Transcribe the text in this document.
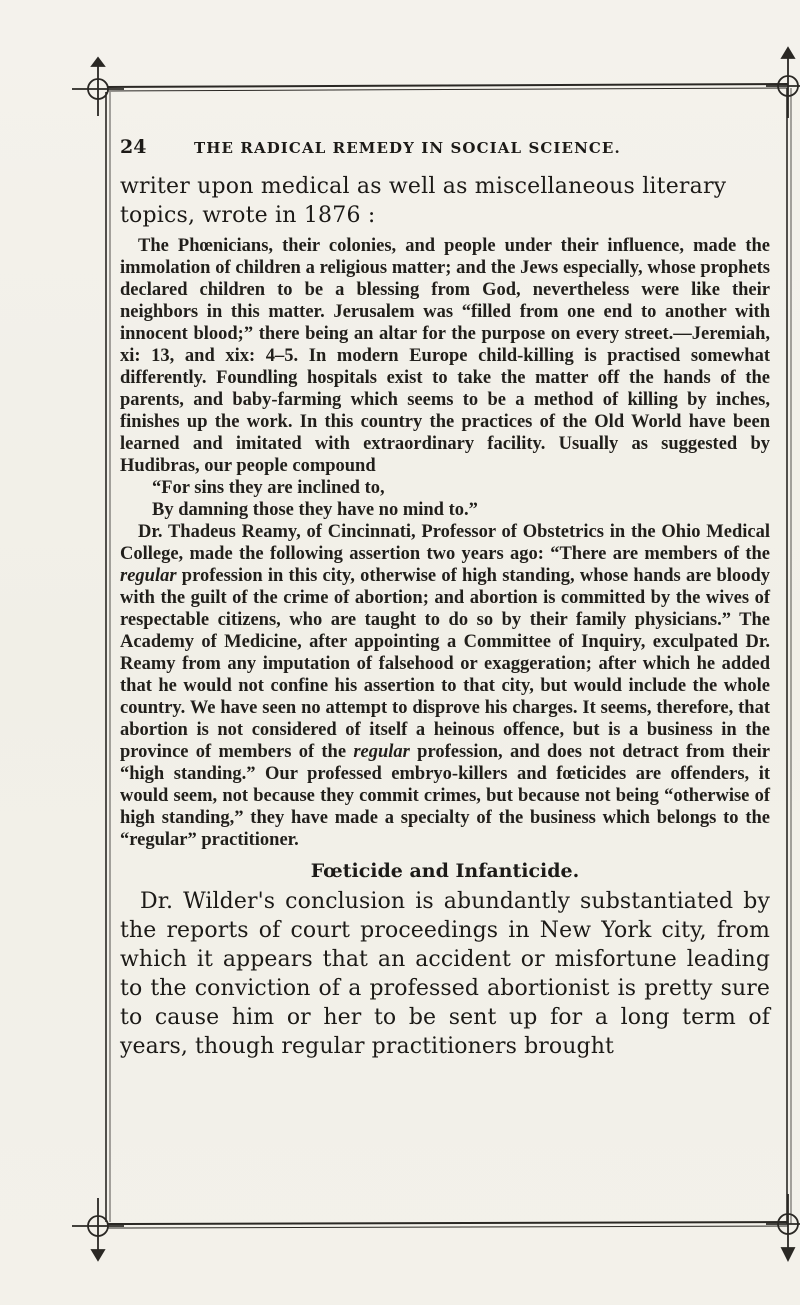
24	THE RADICAL REMEDY IN SOCIAL SCIENCE.

writer upon medical as well as miscellaneous literary topics, wrote in 1876 :

The Phœnicians, their colonies, and people under their influence, made the immolation of children a religious matter; and the Jews especially, whose prophets declared children to be a blessing from God, nevertheless were like their neighbors in this matter. Jerusalem was “filled from one end to another with innocent blood;” there being an altar for the purpose on every street.—Jeremiah, xi: 13, and xix: 4–5. In modern Europe child-killing is practised somewhat differently. Foundling hospitals exist to take the matter off the hands of the parents, and baby-farming which seems to be a method of killing by inches, finishes up the work. In this country the practices of the Old World have been learned and imitated with extraordinary facility. Usually as suggested by Hudibras, our people compound

“For sins they are inclined to,

By damning those they have no mind to.”

Dr. Thadeus Reamy, of Cincinnati, Professor of Obstetrics in the Ohio Medical College, made the following assertion two years ago: “There are members of the regular profession in this city, otherwise of high standing, whose hands are bloody with the guilt of the crime of abortion; and abortion is committed by the wives of respectable citizens, who are taught to do so by their family physicians.” The Academy of Medicine, after appointing a Committee of Inquiry, exculpated Dr. Reamy from any imputation of falsehood or exaggeration; after which he added that he would not confine his assertion to that city, but would include the whole country. We have seen no attempt to disprove his charges. It seems, therefore, that abortion is not considered of itself a heinous offence, but is a business in the province of members of the regular profession, and does not detract from their “high standing.” Our professed embryo-killers and fœticides are offenders, it would seem, not because they commit crimes, but because not being “otherwise of high standing,” they have made a specialty of the business which belongs to the “regular” practitioner.

Fœticide and Infanticide.

Dr. Wilder's conclusion is abundantly substantiated by the reports of court proceedings in New York city, from which it appears that an accident or misfortune leading to the conviction of a professed abortionist is pretty sure to cause him or her to be sent up for a long term of years, though regular practitioners brought
